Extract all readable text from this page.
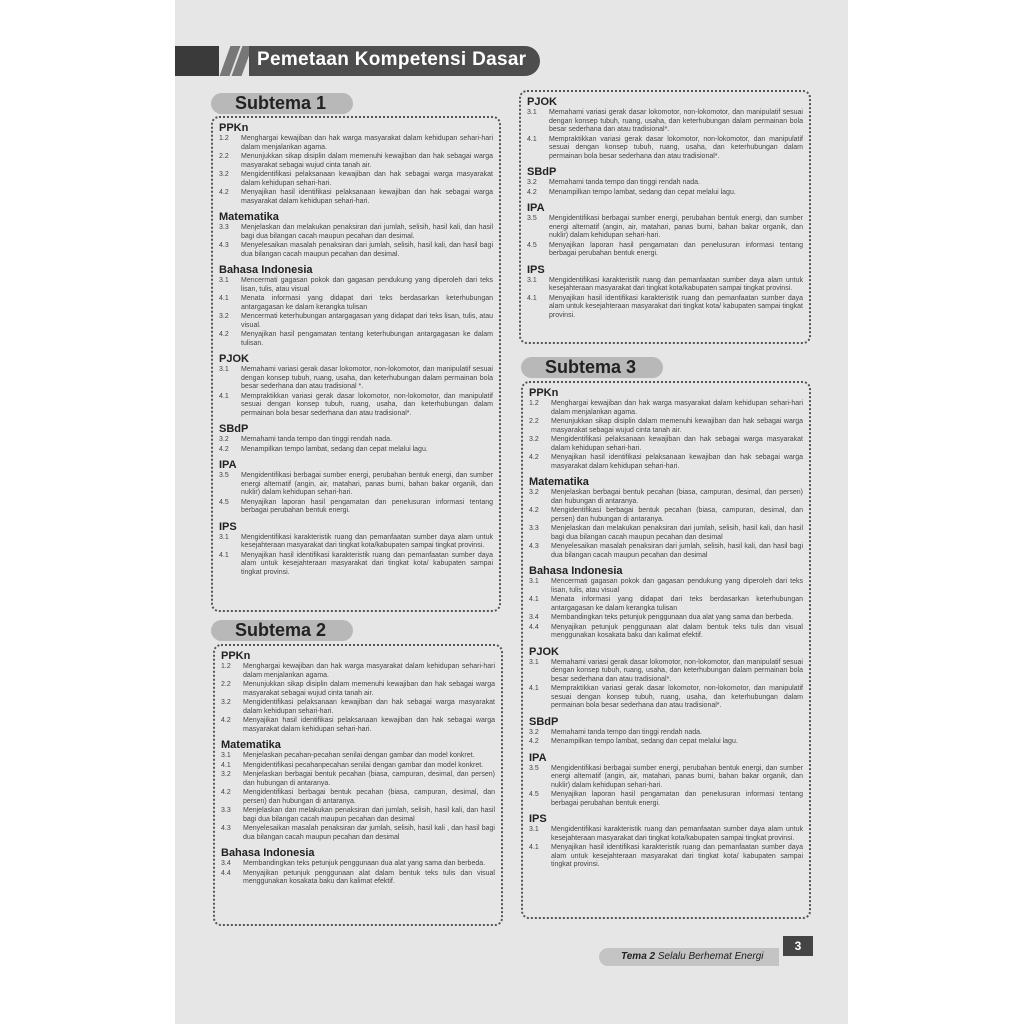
Pemetaan Kompetensi Dasar
Subtema 1
PPKn
1.2	Menghargai kewajiban dan hak warga masyarakat dalam kehidupan sehari-hari dalam menjalankan agama.
2.2	Menunjukkan sikap disiplin dalam memenuhi kewajiban dan hak sebagai warga masyarakat sebagai wujud cinta tanah air.
3.2	Mengidentifikasi pelaksanaan kewajiban dan hak sebagai warga masyarakat dalam kehidupan sehari-hari.
4.2	Menyajikan hasil identifikasi pelaksanaan kewajiban dan hak sebagai warga masyarakat dalam kehidupan sehari-hari.
Matematika
3.3	Menjelaskan dan melakukan penaksiran dari jumlah, selisih, hasil kali, dan hasil bagi dua bilangan cacah maupun pecahan dan desimal.
4.3	Menyelesaikan masalah penaksiran dari jumlah, selisih, hasil kali, dan hasil bagi dua bilangan cacah maupun pecahan dan desimal.
Bahasa Indonesia
3.1	Mencermati gagasan pokok dan gagasan pendukung yang diperoleh dari teks lisan, tulis, atau visual
4.1	Menata informasi yang didapat dari teks berdasarkan keterhubungan antargagasan ke dalam kerangka tulisan
3.2	Mencermati keterhubungan antargagasan yang didapat dari teks lisan, tulis, atau visual.
4.2	Menyajikan hasil pengamatan tentang keterhubungan antargagasan ke dalam tulisan.
PJOK
3.1	Memahami variasi gerak dasar lokomotor, non-lokomotor, dan manipulatif sesuai dengan konsep tubuh, ruang, usaha, dan keterhubungan dalam permainan bola besar sederhana dan atau tradisional *.
4.1	Mempraktikkan variasi gerak dasar lokomotor, non-lokomotor, dan manipulatif sesuai dengan konsep tubuh, ruang, usaha, dan keterhubungan dalam permainan bola besar sederhana dan atau tradisional*.
SBdP
3.2	Memahami tanda tempo dan tinggi rendah nada.
4.2	Menampilkan tempo lambat, sedang dan cepat melalui lagu.
IPA
3.5	Mengidentifikasi berbagai sumber energi, perubahan bentuk energi, dan sumber energi alternatif (angin, air, matahari, panas bumi, bahan bakar organik, dan nuklir) dalam kehidupan sehari-hari.
4.5	Menyajikan laporan hasil pengamatan dan penelusuran informasi tentang berbagai perubahan bentuk energi.
IPS
3.1	Mengidentifikasi karakteristik ruang dan pemanfaatan sumber daya alam untuk kesejahteraan masyarakat dari tingkat kota/kabupaten sampai tingkat provinsi.
4.1	Menyajikan hasil identifikasi karakteristik ruang dan pemanfaatan sumber daya alam untuk kesejahteraan masyarakat dari tingkat kota/ kabupaten sampai tingkat provinsi.
Subtema 2
PPKn
1.2	Menghargai kewajiban dan hak warga masyarakat dalam kehidupan sehari-hari dalam menjalankan agama.
2.2	Menunjukkan sikap disiplin dalam memenuhi kewajiban dan hak sebagai warga masyarakat sebagai wujud cinta tanah air.
3.2	Mengidentifikasi pelaksanaan kewajiban dan hak sebagai warga masyarakat dalam kehidupan sehari-hari.
4.2	Menyajikan hasil identifikasi pelaksanaan kewajiban dan hak sebagai warga masyarakat dalam kehidupan sehari-hari.
Matematika
3.1	Menjelaskan pecahan-pecahan senilai dengan gambar dan model konkret.
4.1	Mengidentifikasi pecahanpecahan senilai dengan gambar dan model konkret.
3.2	Menjelaskan berbagai bentuk pecahan (biasa, campuran, desimal, dan persen) dan hubungan di antaranya.
4.2	Mengidentifikasi berbagai bentuk pecahan (biasa, campuran, desimal, dan persen) dan hubungan di antaranya.
3.3	Menjelaskan dan melakukan penaksiran dari jumlah, selisih, hasil kali, dan hasil bagi dua bilangan cacah maupun pecahan dan desimal
4.3	Menyelesaikan masalah penaksiran dar jumlah, selisih, hasil kali , dan hasil bagi dua bilangan cacah maupun pecahan dan desimal
Bahasa Indonesia
3.4	Membandingkan teks petunjuk penggunaan dua alat yang sama dan berbeda.
4.4	Menyajikan petunjuk penggunaan alat dalam bentuk teks tulis dan visual menggunakan kosakata baku dan kalimat efektif.
PJOK
3.1	Memahami variasi gerak dasar lokomotor, non-lokomotor, dan manipulatif sesuai dengan konsep tubuh, ruang, usaha, dan keterhubungan dalam permainan bola besar sederhana dan atau tradisional*.
4.1	Mempraktikkan variasi gerak dasar lokomotor, non-lokomotor, dan manipulatif sesuai dengan konsep tubuh, ruang, usaha, dan keterhubungan dalam permainan bola besar sederhana dan atau tradisional*.
SBdP
3.2	Memahami tanda tempo dan tinggi rendah nada.
4.2	Menampilkan tempo lambat, sedang dan cepat melalui lagu.
IPA
3.5	Mengidentifikasi berbagai sumber energi, perubahan bentuk energi, dan sumber energi alternatif (angin, air, matahari, panas bumi, bahan bakar organik, dan nuklir) dalam kehidupan sehari-hari.
4.5	Menyajikan laporan hasil pengamatan dan penelusuran informasi tentang berbagai perubahan bentuk energi.
IPS
3.1	Mengidentifikasi karakteristik ruang dan pemanfaatan sumber daya alam untuk kesejahteraan masyarakat dari tingkat kota/kabupaten sampai tingkat provinsi.
4.1	Menyajikan hasil identifikasi karakteristik ruang dan pemanfaatan sumber daya alam untuk kesejahteraan masyarakat dari tingkat kota/ kabupaten sampai tingkat provinsi.
Subtema 3
PPKn
1.2	Menghargai kewajiban dan hak warga masyarakat dalam kehidupan sehari-hari dalam menjalankan agama.
2.2	Menunjukkan sikap disiplin dalam memenuhi kewajiban dan hak sebagai warga masyarakat sebagai wujud cinta tanah air.
3.2	Mengidentifikasi pelaksanaan kewajiban dan hak sebagai warga masyarakat dalam kehidupan sehari-hari.
4.2	Menyajikan hasil identifikasi pelaksanaan kewajiban dan hak sebagai warga masyarakat dalam kehidupan sehari-hari.
Matematika
3.2	Menjelaskan berbagai bentuk pecahan (biasa, campuran, desimal, dan persen) dan hubungan di antaranya.
4.2	Mengidentifikasi berbagai bentuk pecahan (biasa, campuran, desimal, dan persen) dan hubungan di antaranya.
3.3	Menjelaskan dan melakukan penaksiran dari jumlah, selisih, hasil kali, dan hasil bagi dua bilangan cacah maupun pecahan dan desimal
4.3	Menyelesaikan masalah penaksiran dari jumlah, selisih, hasil kali, dan hasil bagi dua bilangan cacah maupun pecahan dan desimal
Bahasa Indonesia
3.1	Mencermati gagasan pokok dan gagasan pendukung yang diperoleh dari teks lisan, tulis, atau visual
4.1	Menata informasi yang didapat dari teks berdasarkan keterhubungan antargagasan ke dalam kerangka tulisan
3.4	Membandingkan teks petunjuk penggunaan dua alat yang sama dan berbeda.
4.4	Menyajikan petunjuk penggunaan alat dalam bentuk teks tulis dan visual menggunakan kosakata baku dan kalimat efektif.
PJOK
3.1	Memahami variasi gerak dasar lokomotor, non-lokomotor, dan manipulatif sesuai dengan konsep tubuh, ruang, usaha, dan keterhubungan dalam permainan bola besar sederhana dan atau tradisional*.
4.1	Mempraktikkan variasi gerak dasar lokomotor, non-lokomotor, dan manipulatif sesuai dengan konsep tubuh, ruang, usaha, dan keterhubungan dalam permainan bola besar sederhana dan atau tradisional*.
SBdP
3.2	Memahami tanda tempo dan tinggi rendah nada.
4.2	Menampilkan tempo lambat, sedang dan cepat melalui lagu.
IPA
3.5	Mengidentifikasi berbagai sumber energi, perubahan bentuk energi, dan sumber energi alternatif (angin, air, matahari, panas bumi, bahan bakar organik, dan nuklir) dalam kehidupan sehari-hari.
4.5	Menyajikan laporan hasil pengamatan dan penelusuran informasi tentang berbagai perubahan bentuk energi.
IPS
3.1	Mengidentifikasi karakteristik ruang dan pemanfaatan sumber daya alam untuk kesejahteraan masyarakat dari tingkat kota/kabupaten sampai tingkat provinsi.
4.1	Menyajikan hasil identifikasi karakteristik ruang dan pemanfaatan sumber daya alam untuk kesejahteraan masyarakat dari tingkat kota/ kabupaten sampai tingkat provinsi.
Tema 2 Selalu Berhemat Energi
3
